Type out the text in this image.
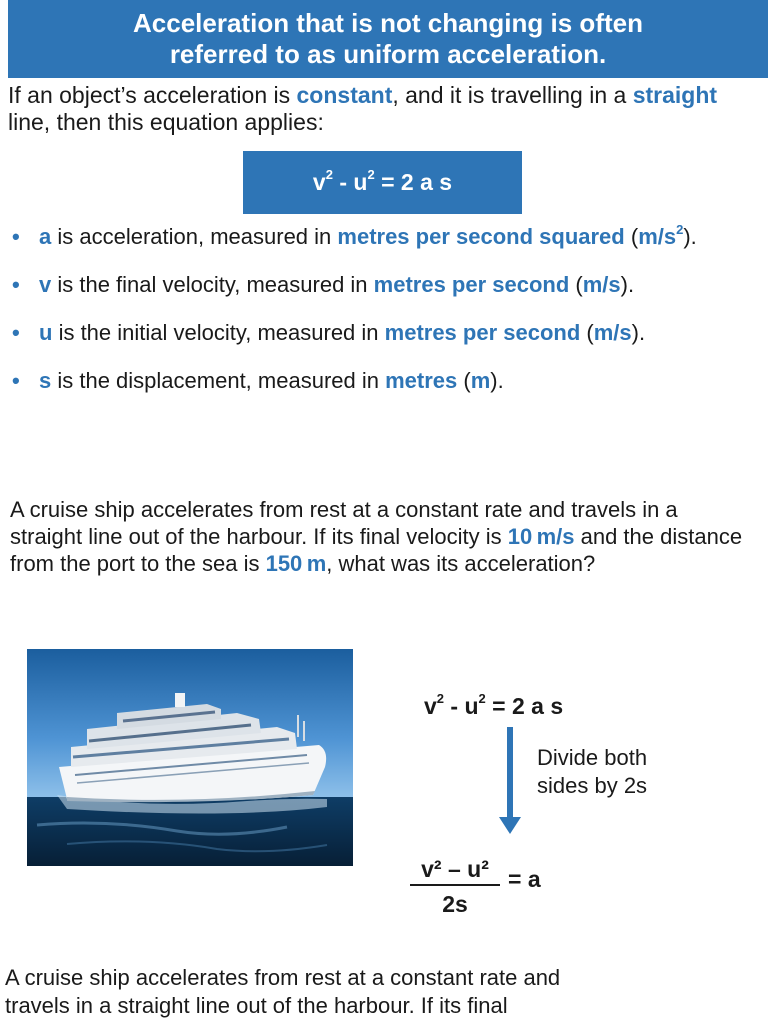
Acceleration that is not changing is often
referred to as uniform acceleration.
If an object’s acceleration is constant, and it is travelling in a straight line, then this equation applies:
$v^2 - u^2 = 2$ a s
• a is acceleration, measured in metres per second squared $(m/s^2)$.
• v is the final velocity, measured in metres per second (m/s).
• u is the initial velocity, measured in metres per second (m/s).
• s is the displacement, measured in metres (m).
A cruise ship accelerates from rest at a constant rate and travels in a straight line out of the harbour. If its final velocity is 10 m/s and the distance from the port to the sea is 150 m, what was its acceleration?
$v^2 - u^2 = 2$ a s
Divide both
sides by 2s
$\frac{\text{v² – u²}}{2s} = a$
A cruise ship accelerates from rest at a constant rate and
travels in a straight line out of the harbour. If its final
